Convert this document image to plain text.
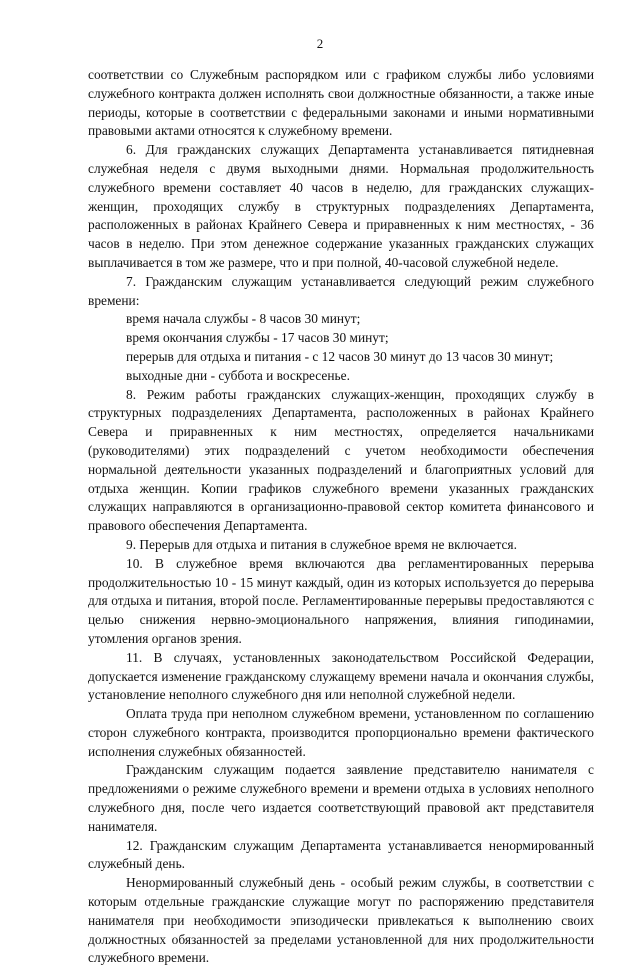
2

соответствии со Служебным распорядком или с графиком службы либо условиями служебного контракта должен исполнять свои должностные обязанности, а также иные периоды, которые в соответствии с федеральными законами и иными нормативными правовыми актами относятся к служебному времени.

6. Для гражданских служащих Департамента устанавливается пятидневная служебная неделя с двумя выходными днями. Нормальная продолжительность служебного времени составляет 40 часов в неделю, для гражданских служащих-женщин, проходящих службу в структурных подразделениях Департамента, расположенных в районах Крайнего Севера и приравненных к ним местностях, - 36 часов в неделю. При этом денежное содержание указанных гражданских служащих выплачивается в том же размере, что и при полной, 40-часовой служебной неделе.

7. Гражданским служащим устанавливается следующий режим служебного времени:

время начала службы - 8 часов 30 минут;

время окончания службы - 17 часов 30 минут;

перерыв для отдыха и питания - с 12 часов 30 минут до 13 часов 30 минут;

выходные дни - суббота и воскресенье.

8. Режим работы гражданских служащих-женщин, проходящих службу в структурных подразделениях Департамента, расположенных в районах Крайнего Севера и приравненных к ним местностях, определяется начальниками (руководителями) этих подразделений с учетом необходимости обеспечения нормальной деятельности указанных подразделений и благоприятных условий для отдыха женщин. Копии графиков служебного времени указанных гражданских служащих направляются в организационно-правовой сектор комитета финансового и правового обеспечения Департамента.

9. Перерыв для отдыха и питания в служебное время не включается.

10. В служебное время включаются два регламентированных перерыва продолжительностью 10 - 15 минут каждый, один из которых используется до перерыва для отдыха и питания, второй после. Регламентированные перерывы предоставляются с целью снижения нервно-эмоционального напряжения, влияния гиподинамии, утомления органов зрения.

11. В случаях, установленных законодательством Российской Федерации, допускается изменение гражданскому служащему времени начала и окончания службы, установление неполного служебного дня или неполной служебной недели.

Оплата труда при неполном служебном времени, установленном по соглашению сторон служебного контракта, производится пропорционально времени фактического исполнения служебных обязанностей.

Гражданским служащим подается заявление представителю нанимателя с предложениями о режиме служебного времени и времени отдыха в условиях неполного служебного дня, после чего издается соответствующий правовой акт представителя нанимателя.

12. Гражданским служащим Департамента устанавливается ненормированный служебный день.

Ненормированный служебный день - особый режим службы, в соответствии с которым отдельные гражданские служащие могут по распоряжению представителя нанимателя при необходимости эпизодически привлекаться к выполнению своих должностных обязанностей за пределами установленной для них продолжительности служебного времени.
